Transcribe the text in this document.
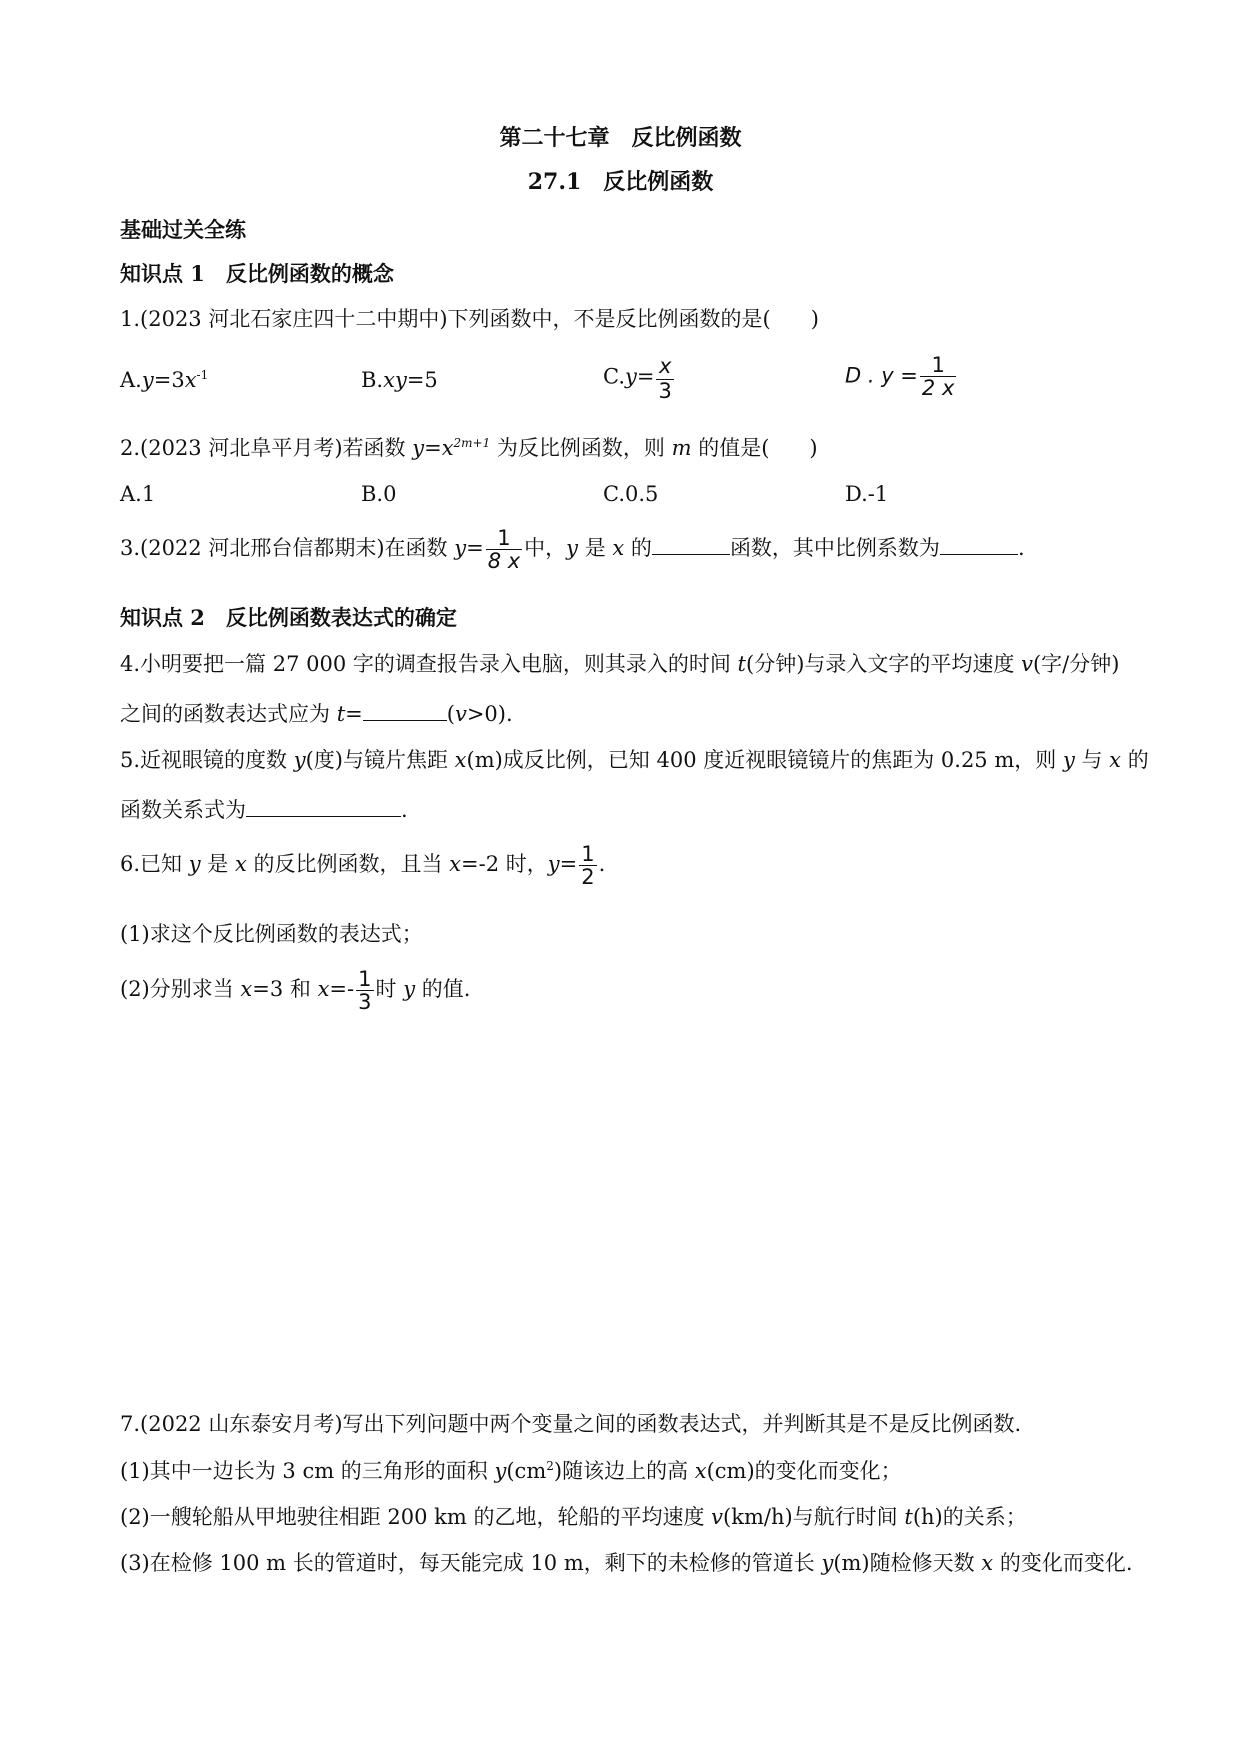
第二十七章　反比例函数
27.1　反比例函数
基础过关全练
知识点 1　反比例函数的概念
1.(2023 河北石家庄四十二中期中)下列函数中，不是反比例函数的是( )
$A.y=3x^{-1}$	B.xy=5	$C.y=\frac{x}{3}$	D . $y = \frac{1}{2 x}$
2.(2023 河北阜平月考)若函数 $y=x^{2m+1}$ 为反比例函数，则 m 的值是( )
A.1	B.0	C.0.5	D.-1
3.(2022 河北邢台信都期末)在函数 $y= \frac{1}{8 x}$ 中，y 是 x 的	函数，其中比例系数为	.
知识点 2　反比例函数表达式的确定
4.小明要把一篇 27 000 字的调查报告录入电脑，则其录入的时间 t(分钟)与录入文字的平均速度 v(字/分钟)
之间的函数表达式应为 t=	(v>0).
5.近视眼镜的度数 y(度)与镜片焦距 x(m)成反比例，已知 400 度近视眼镜镜片的焦距为 0.25 m，则 y 与 x 的
函数关系式为	.
6.已知 y 是 x 的反比例函数，且当 x=-2 时，$y= \frac{1}{2}$ .
(1)求这个反比例函数的表达式；
(2)分别求当 x=3 和 $x=- \frac{1}{3}$ 时 y 的值.
7.(2022 山东泰安月考)写出下列问题中两个变量之间的函数表达式，并判断其是不是反比例函数.
(1)其中一边长为 3 cm 的三角形的面积 $y(cm^2)$随该边上的高 x(cm)的变化而变化；
(2)一艘轮船从甲地驶往相距 200 km 的乙地，轮船的平均速度 v(km/h)与航行时间 t(h)的关系；
(3)在检修 100 m 长的管道时，每天能完成 10 m，剩下的未检修的管道长 y(m)随检修天数 x 的变化而变化.
